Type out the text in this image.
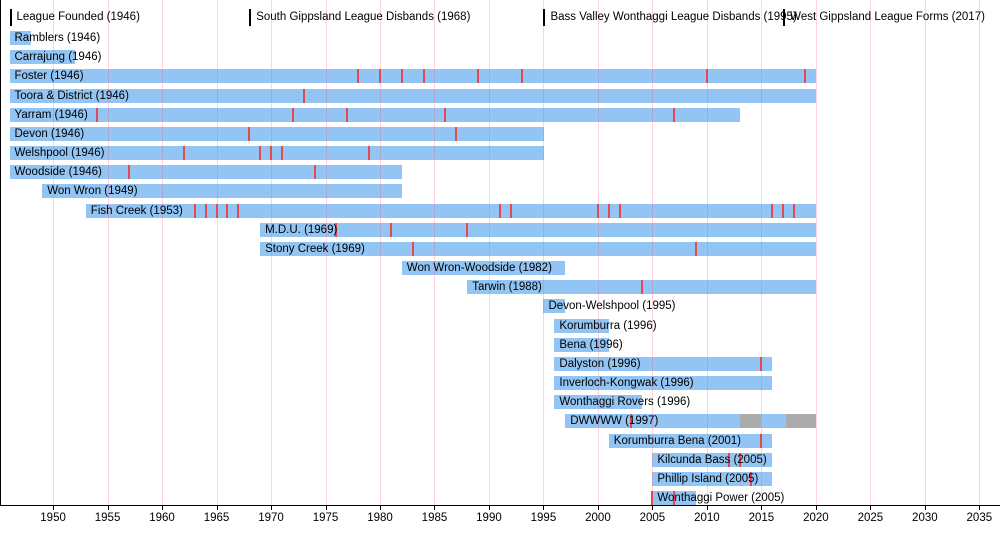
League Founded (1946)	South Gippsland League Disbands (1968)	Bass Valley Wonthaggi League Disbands (1995)
West Gippsland League Forms (2017)
Ramblers (1946)
Carrajung (1946)
Foster (1946)
Toora & District (1946)
Yarram (1946)
Devon (1946)
Welshpool (1946)
Woodside (1946)
Won Wron (1949)
Fish Creek (1953)
M.D.U. (1969)
Stony Creek (1969)
Won Wron-Woodside (1982)
Tarwin (1988)
Devon-Welshpool (1995)
Korumburra (1996)
Bena (1996)
Dalyston (1996)
Inverloch-Kongwak (1996)
Wonthaggi Rovers (1996)
DWWWW (1997)
Korumburra Bena (2001)
Kilcunda Bass (2005)
Phillip Island (2005)
Wonthaggi Power (2005)
1950	1955	1960	1965	1970	1975	1980	1985	1990	1995	2000	2005	2010	2015	2020	2025	2030	2035
